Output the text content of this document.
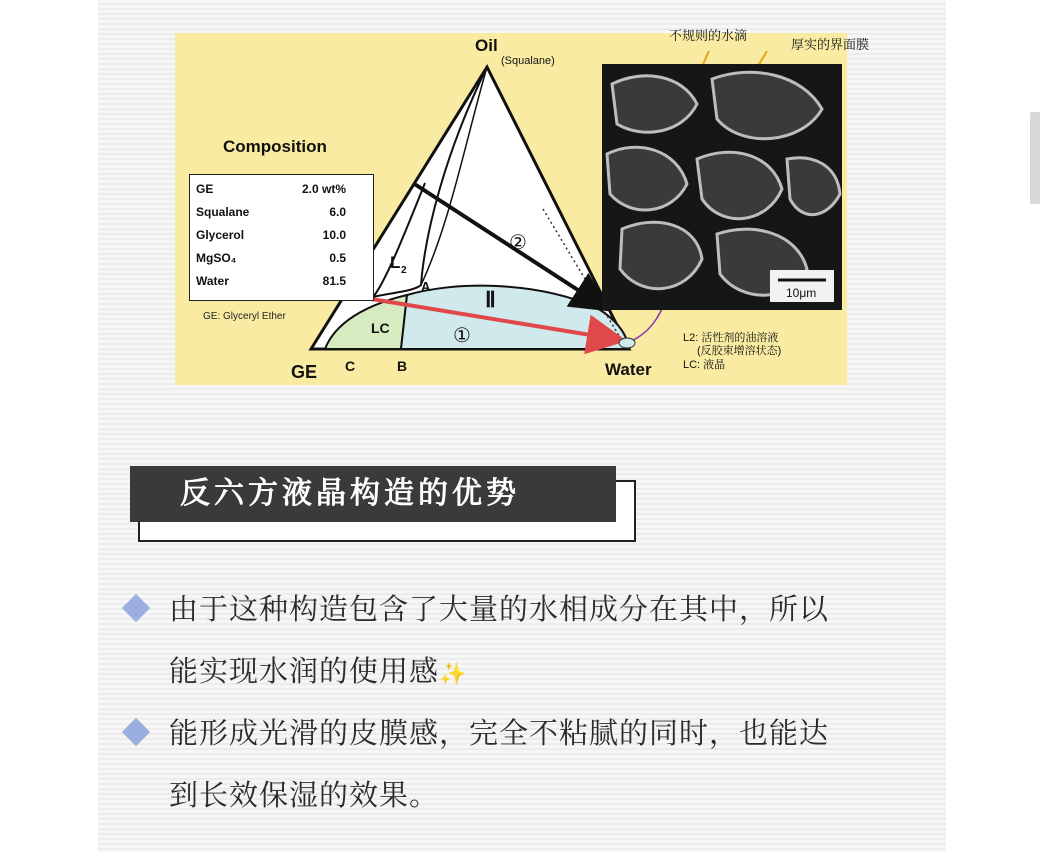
Oil
(Squalane)
GE	Water
C	B
A
L 2
LC
Ⅱ
①
②
不规则的水滴
厚实的界面膜
L2: 活性剂的油溶液
(反胶束增溶状态)
LC: 液晶
10μm
Composition
GE	2.0 wt%
Squalane	6.0
Glycerol	10.0
MgSO₄	0.5
Water	81.5
GE: Glyceryl Ether
反六方液晶构造的优势
由于这种构造包含了大量的水相成分在其中，所以
能实现水润的使用感✨
能形成光滑的皮膜感，完全不粘腻的同时，也能达
到长效保湿的效果。
